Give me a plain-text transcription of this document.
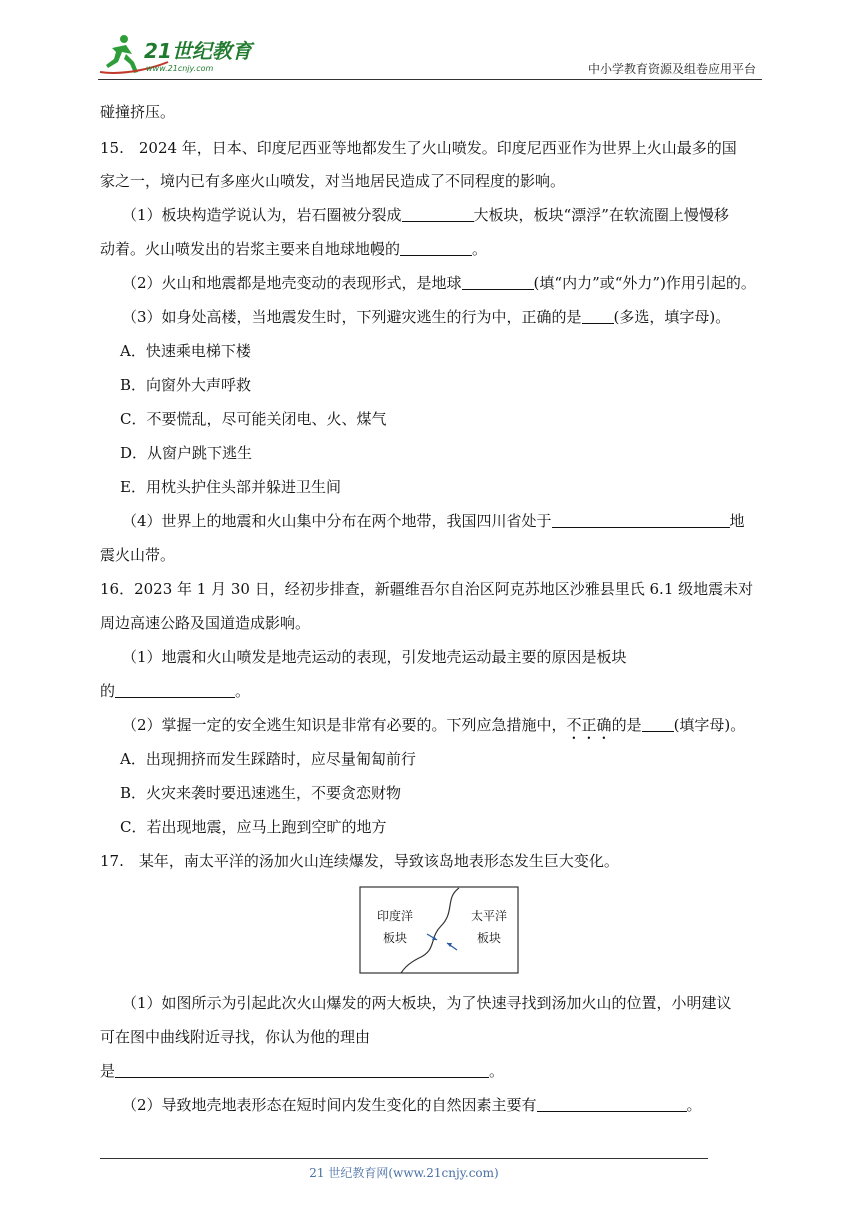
21世纪教育
www.21cnjy.com	中小学教育资源及组卷应用平台
碰撞挤压。
15.　2024 年，日本、印度尼西亚等地都发生了火山喷发。印度尼西亚作为世界上火山最多的国
家之一，境内已有多座火山喷发，对当地居民造成了不同程度的影响。
（1）板块构造学说认为，岩石圈被分裂成	大板块，板块“漂浮”在软流圈上慢慢移
动着。火山喷发出的岩浆主要来自地球地幔的	。
（2）火山和地震都是地壳变动的表现形式，是地球	(填“内力”或“外力”)作用引起的。
（3）如身处高楼，当地震发生时，下列避灾逃生的行为中，正确的是 (多选，填字母)。
A．快速乘电梯下楼
B．向窗外大声呼救
C．不要慌乱，尽可能关闭电、火、煤气
D．从窗户跳下逃生
E．用枕头护住头部并躲进卫生间
（4）世界上的地震和火山集中分布在两个地带，我国四川省处于	地
震火山带。
16．2023 年 1 月 30 日，经初步排查，新疆维吾尔自治区阿克苏地区沙雅县里氏 6.1 级地震未对
周边高速公路及国道造成影响。
（1）地震和火山喷发是地壳运动的表现，引发地壳运动最主要的原因是板块
的	。
（2）掌握一定的安全逃生知识是非常有必要的。下列应急措施中，不正确的是 (填字母)。
A．出现拥挤而发生踩踏时，应尽量匍匐前行
B．火灾来袭时要迅速逃生，不要贪恋财物
C．若出现地震，应马上跑到空旷的地方
17.　某年，南太平洋的汤加火山连续爆发，导致该岛地表形态发生巨大变化。
（1）如图所示为引起此次火山爆发的两大板块，为了快速寻找到汤加火山的位置，小明建议
可在图中曲线附近寻找，你认为他的理由
是	。
（2）导致地壳地表形态在短时间内发生变化的自然因素主要有	。
印度洋
板块
太平洋
板块
21 世纪教育网(www.21cnjy.com)
